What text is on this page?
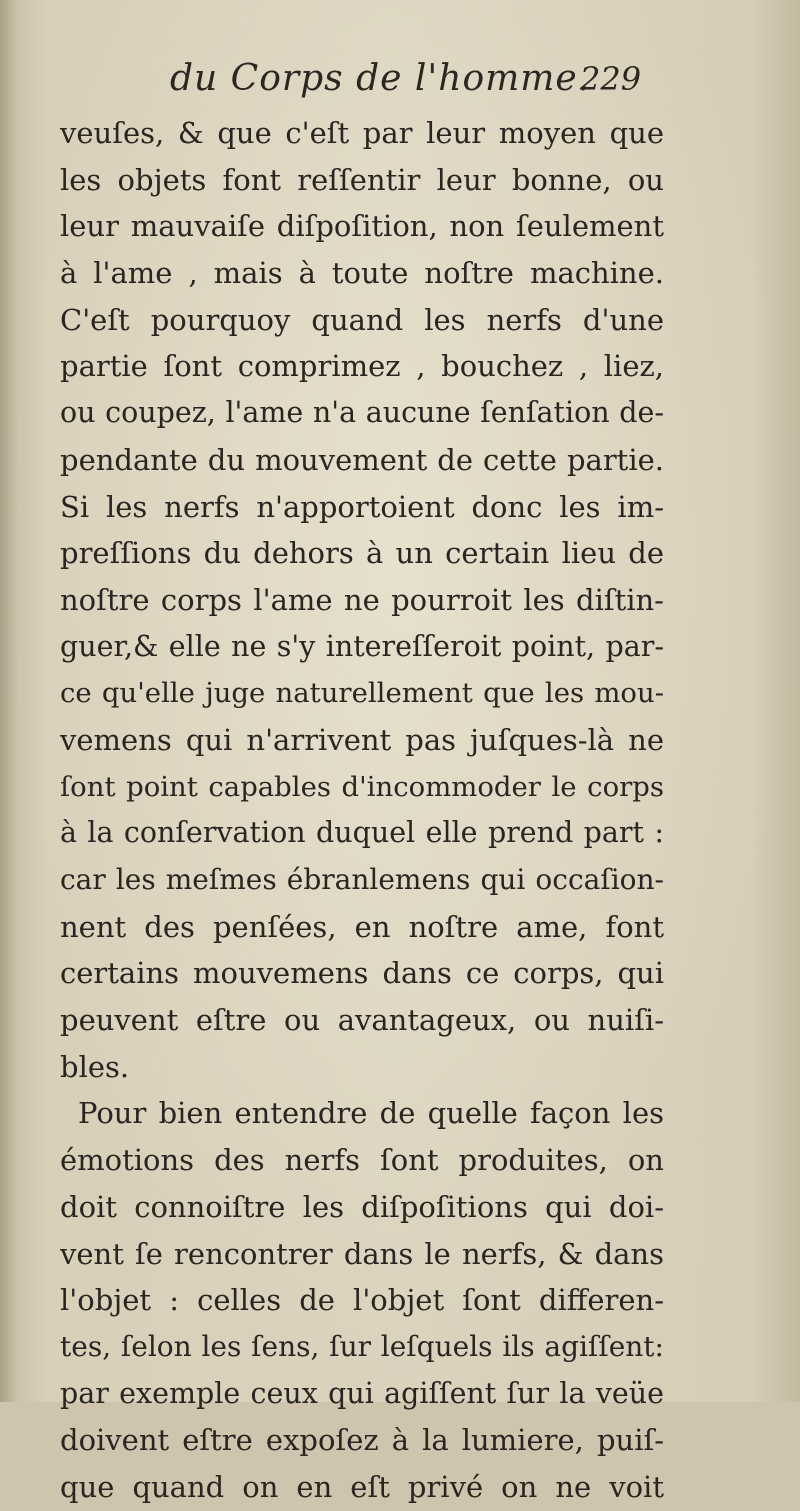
du Corps de l'homme.
229
veuſes, & que c'eſt par leur moyen que
les objets font reſſentir leur bonne, ou
leur mauvaiſe diſpoſition, non ſeulement
à l'ame , mais à toute noſtre machine.
C'eſt pourquoy quand les nerfs d'une
partie ſont comprimez , bouchez , liez,
ou coupez, l'ame n'a aucune ſenſation de-
pendante du mouvement de cette partie.
Si les nerfs n'apportoient donc les im-
preſſions du dehors à un certain lieu de
noſtre corps l'ame ne pourroit les diſtin-
guer,& elle ne s'y intereſſeroit point, par-
ce qu'elle juge naturellement que les mou-
vemens qui n'arrivent pas juſques-là ne
ſont point capables d'incommoder le corps
à la conſervation duquel elle prend part :
car les meſmes ébranlemens qui occaſion-
nent des penſées, en noſtre ame, font
certains mouvemens dans ce corps, qui
peuvent eſtre ou avantageux, ou nuiſi-
bles.
Pour bien entendre de quelle façon les
émotions des nerfs ſont produites, on
doit connoiſtre les diſpoſitions qui doi-
vent ſe rencontrer dans le nerfs, & dans
l'objet : celles de l'objet ſont differen-
tes, ſelon les ſens, ſur leſquels ils agiſſent:
par exemple ceux qui agiſſent ſur la veüe
doivent eſtre expoſez à la lumiere, puiſ-
que quand on en eſt privé on ne voit
